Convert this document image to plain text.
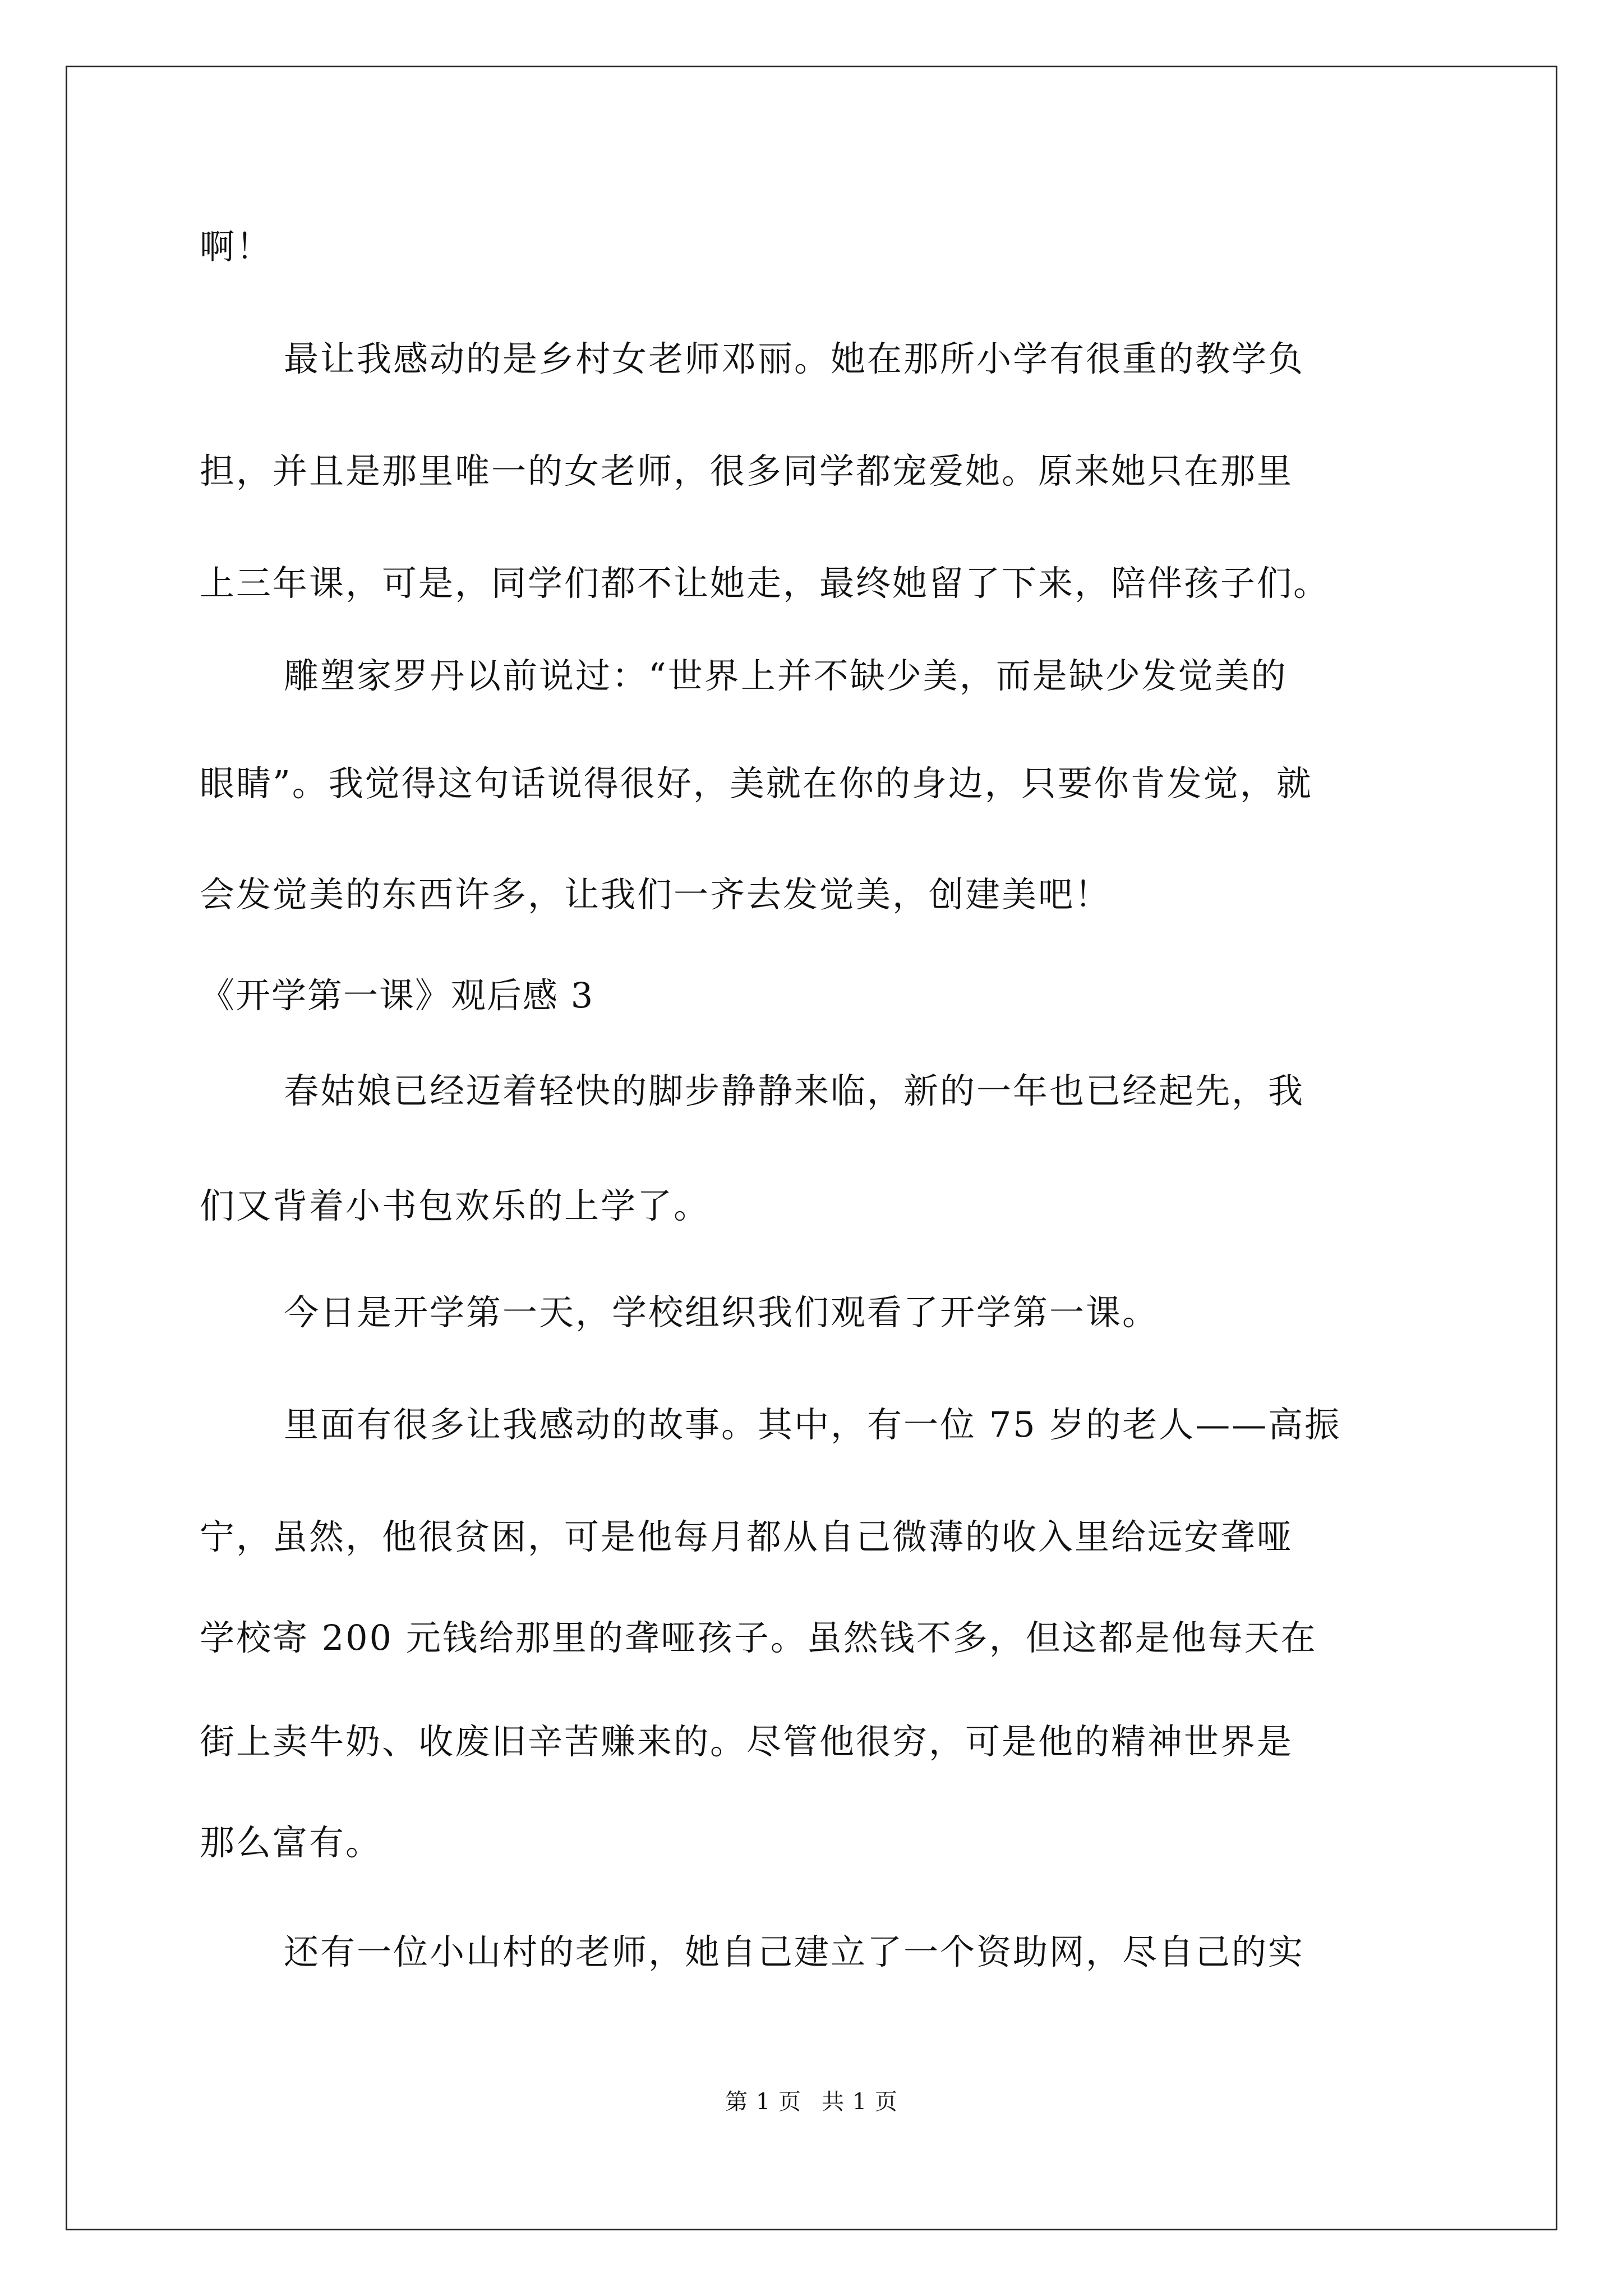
啊！
最让我感动的是乡村女老师邓丽。她在那所小学有很重的教学负
担，并且是那里唯一的女老师，很多同学都宠爱她。原来她只在那里
上三年课，可是，同学们都不让她走，最终她留了下来，陪伴孩子们。
雕塑家罗丹以前说过：“世界上并不缺少美，而是缺少发觉美的
眼睛”。我觉得这句话说得很好，美就在你的身边，只要你肯发觉，就
会发觉美的东西许多，让我们一齐去发觉美，创建美吧！
《开学第一课》观后感 3
春姑娘已经迈着轻快的脚步静静来临，新的一年也已经起先，我
们又背着小书包欢乐的上学了。
今日是开学第一天，学校组织我们观看了开学第一课。
里面有很多让我感动的故事。其中，有一位 75 岁的老人——高振
宁，虽然，他很贫困，可是他每月都从自己微薄的收入里给远安聋哑
学校寄 200 元钱给那里的聋哑孩子。虽然钱不多，但这都是他每天在
街上卖牛奶、收废旧辛苦赚来的。尽管他很穷，可是他的精神世界是
那么富有。
还有一位小山村的老师，她自己建立了一个资助网，尽自己的实
第 1 页 共 1 页
